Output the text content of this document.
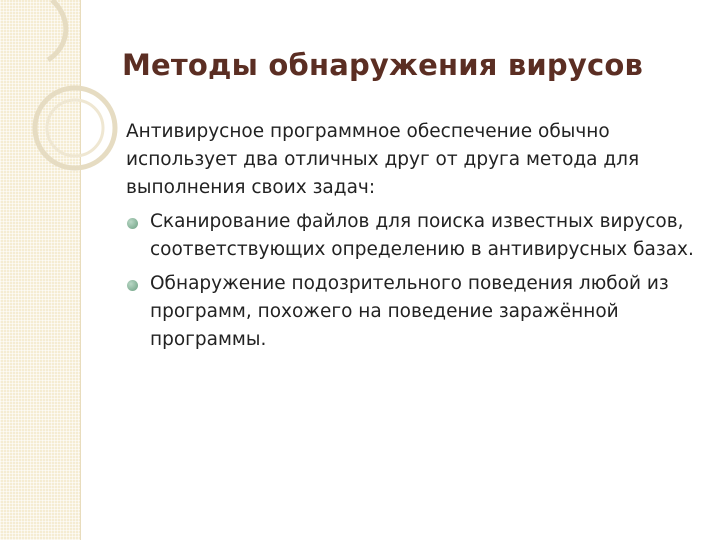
Методы обнаружения вирусов

Антивирусное программное обеспечение обычно использует два отличных друг от друга метода для выполнения своих задач:

Сканирование файлов для поиска известных вирусов, соответствующих определению в антивирусных базах.
Обнаружение подозрительного поведения любой из программ, похожего на поведение заражённой программы.
